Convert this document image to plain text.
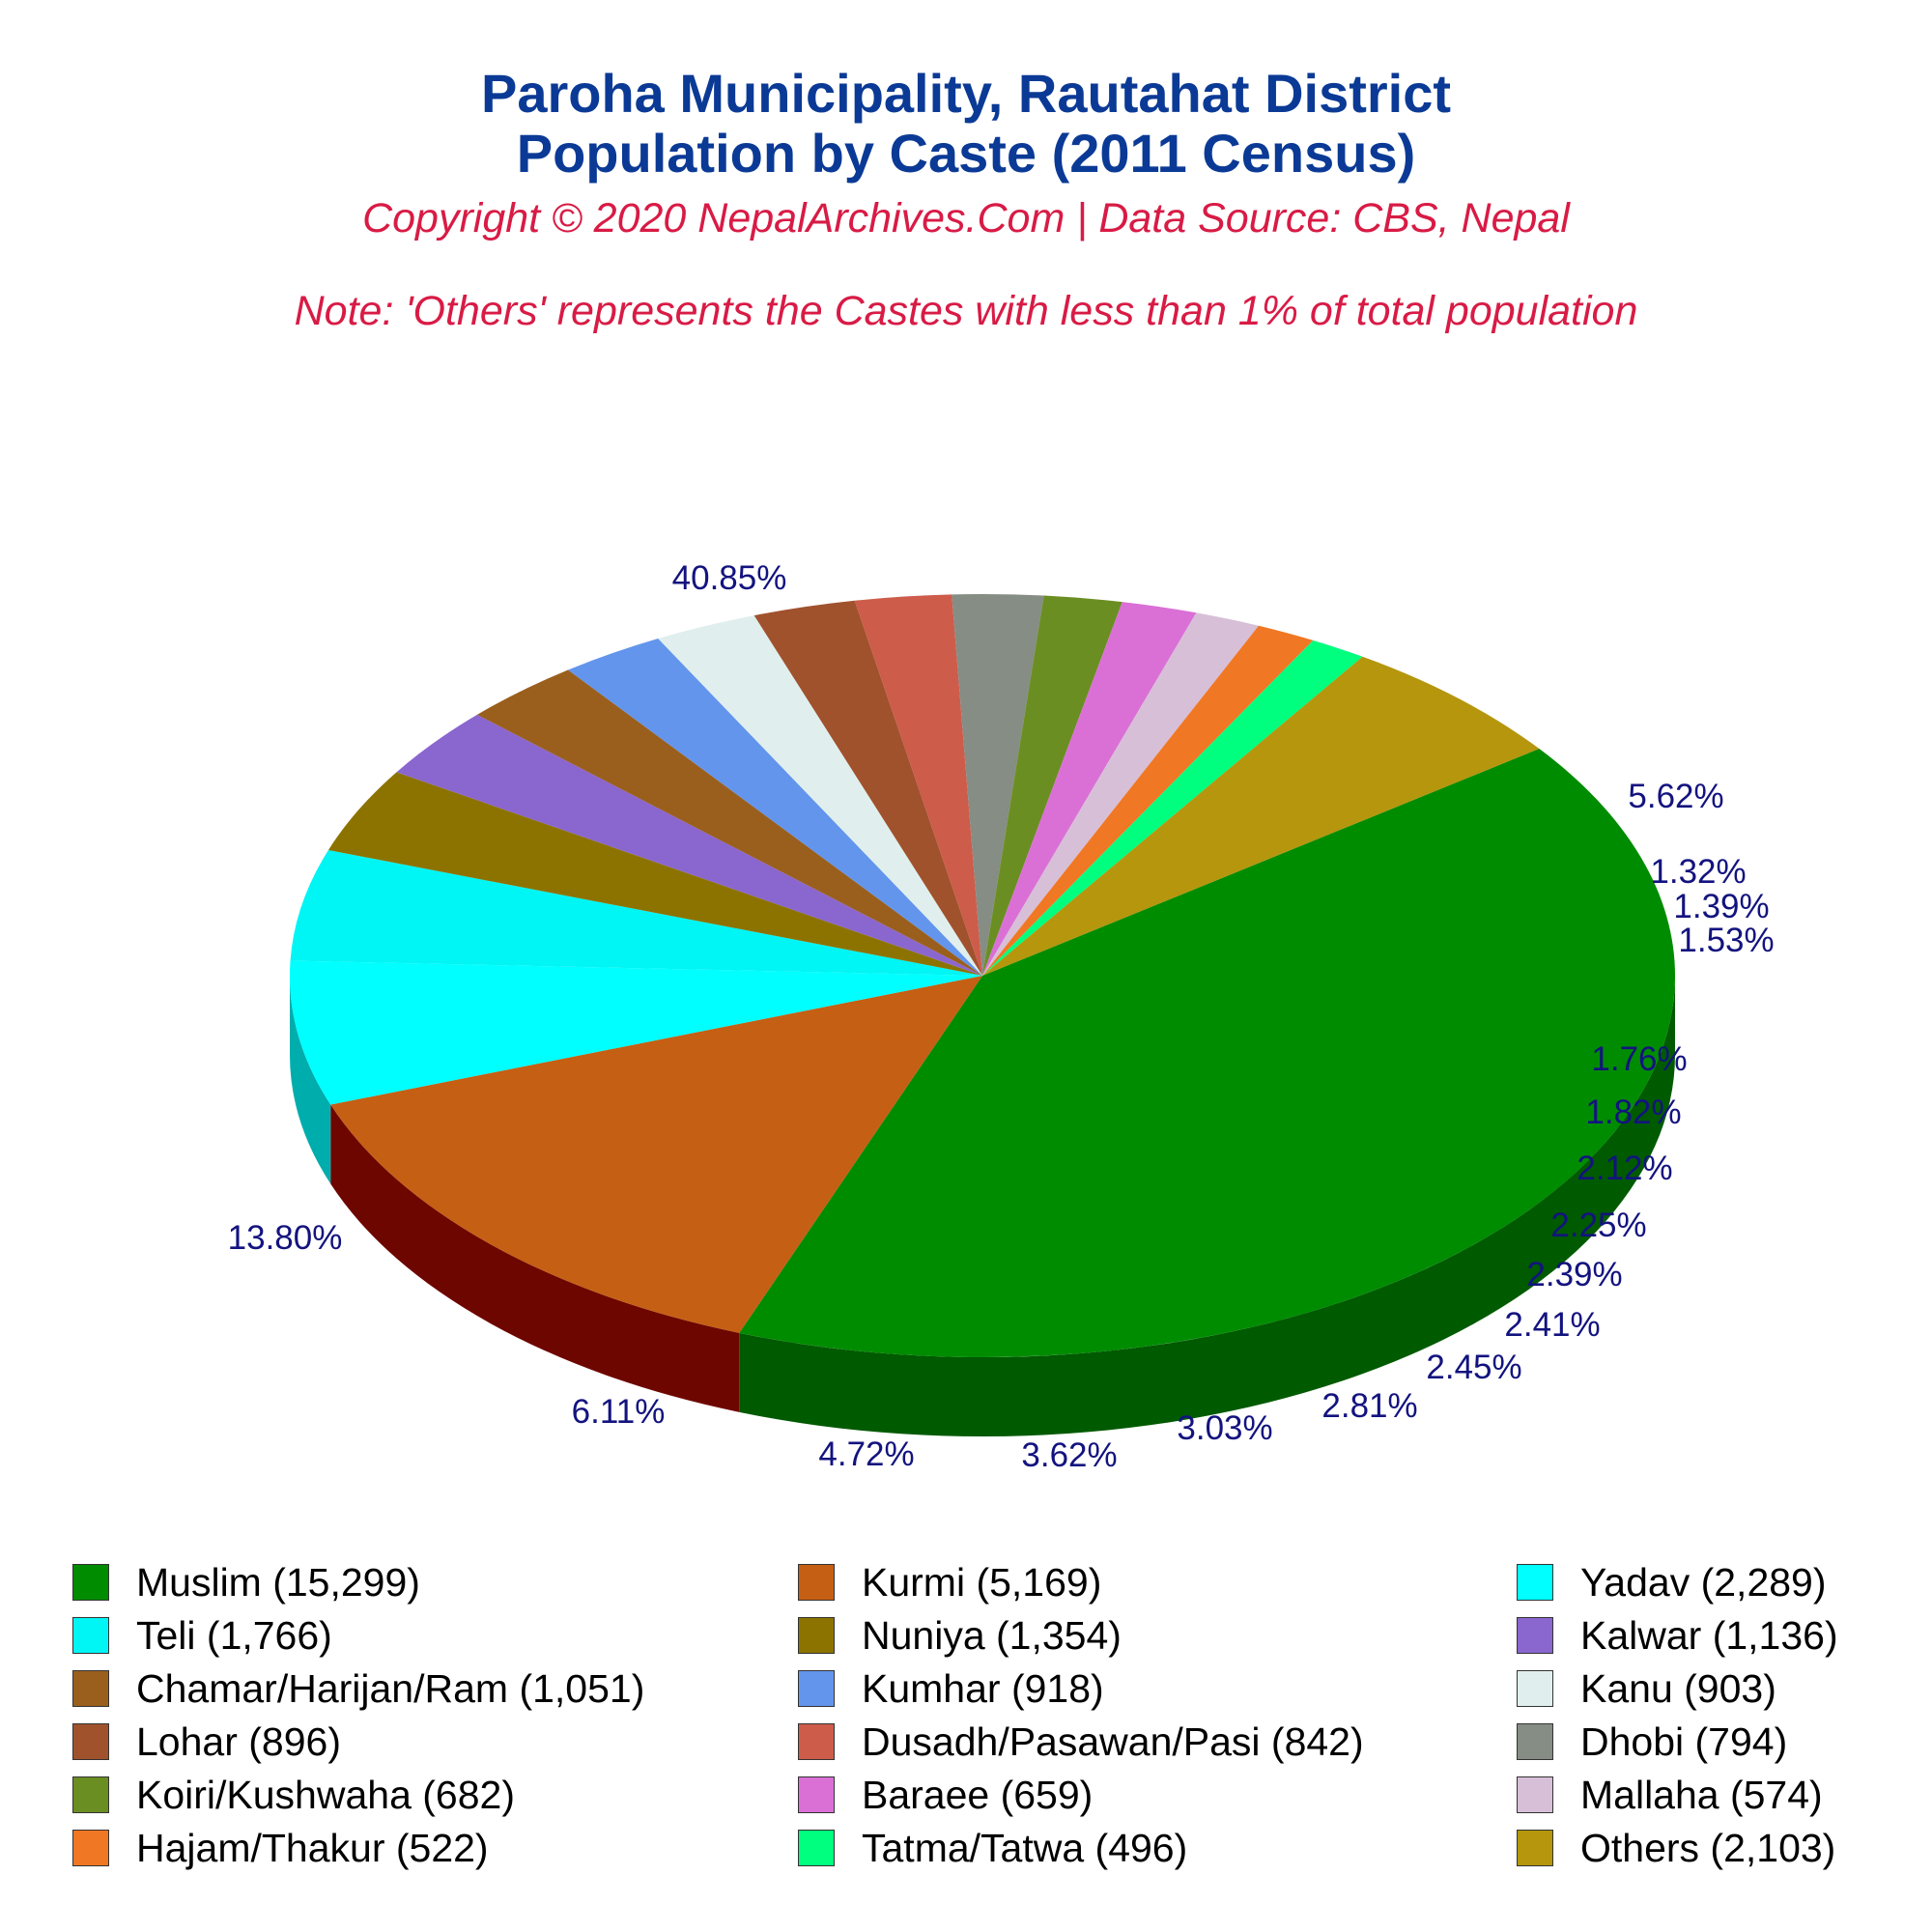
Paroha Municipality, Rautahat District
Population by Caste (2011 Census)
Copyright © 2020 NepalArchives.Com | Data Source: CBS, Nepal
Note: 'Others' represents the Castes with less than 1% of total population
40.85%
13.80%
6.11%
4.72%	3.62%
3.03%
2.81%
2.45%
2.41%
2.39%
2.25%
2.12%
1.82%
1.76%
1.53%
1.39%
1.32%
5.62%
Muslim (15,299)	Kurmi (5,169)	Yadav (2,289)
Teli (1,766)	Nuniya (1,354)	Kalwar (1,136)
Chamar/Harijan/Ram (1,051)	Kumhar (918)	Kanu (903)
Lohar (896)	Dusadh/Pasawan/Pasi (842)	Dhobi (794)
Koiri/Kushwaha (682)	Baraee (659)	Mallaha (574)
Hajam/Thakur (522)	Tatma/Tatwa (496)	Others (2,103)
